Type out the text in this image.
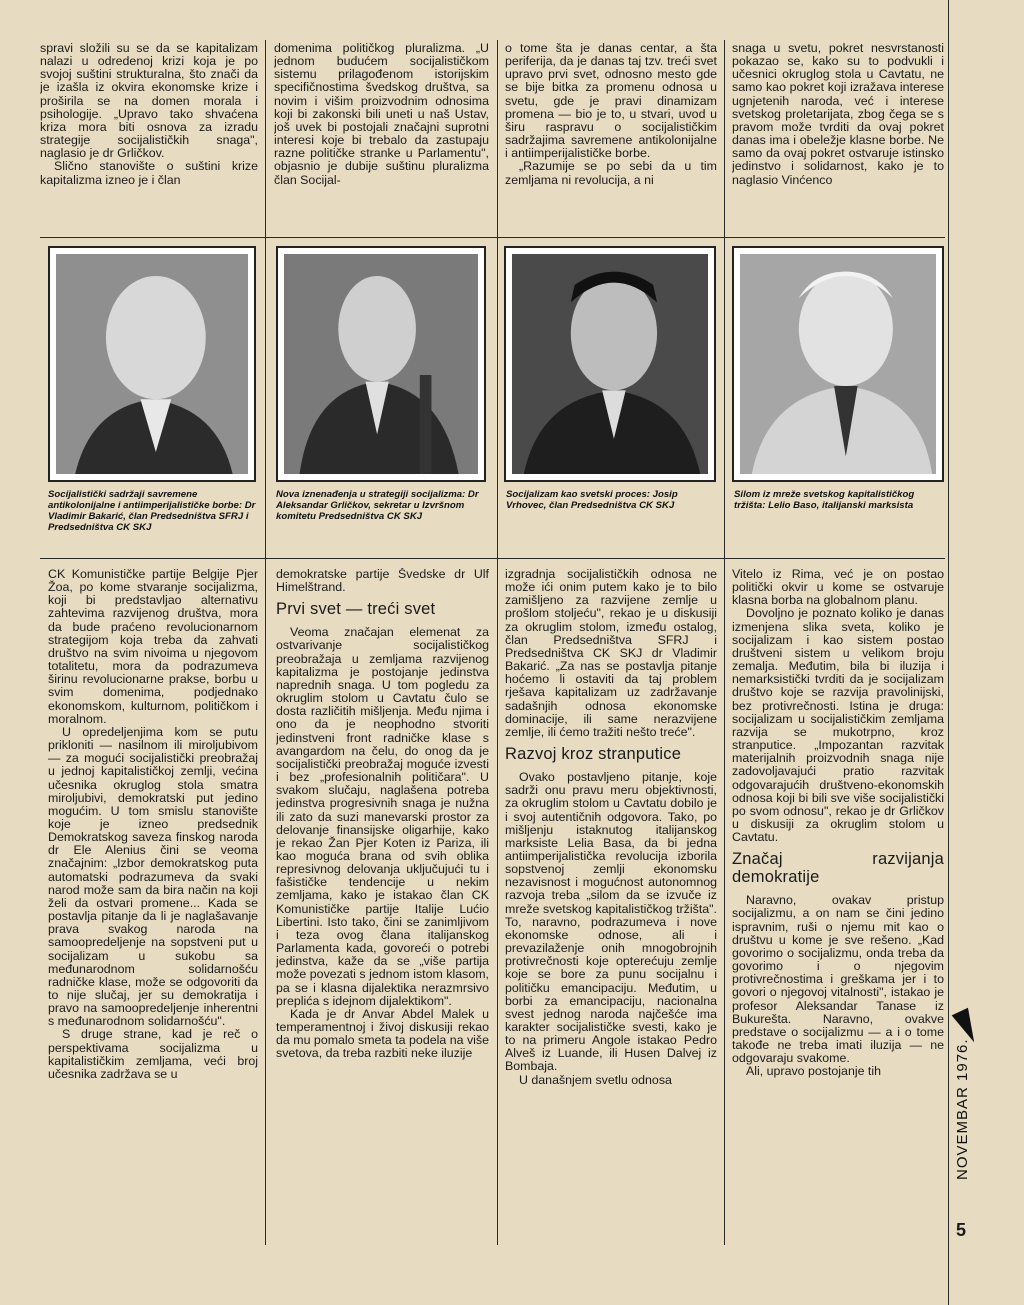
spravi složili su se da se kapitalizam nalazi u odredenoj krizi koja je po svojoj suštini strukturalna, što znači da je izašla iz okvira ekonomske krize i proširila se na domen morala i psihologije. „Upravo tako shvaćena kriza mora biti osnova za izradu strategije socijalističkih snaga", naglasio je dr Grličkov.

Slično stanovište o suštini krize kapitalizma izneo je i član

domenima političkog pluralizma. „U jednom budućem socijalističkom sistemu prilagođenom istorijskim specifičnostima švedskog društva, sa novim i višim proizvodnim odnosima koji bi zakonski bili uneti u naš Ustav, još uvek bi postojali značajni suprotni interesi koje bi trebalo da zastupaju razne političke stranke u Parlamentu", objasnio je dubije suštinu pluralizma član Socijal-

o tome šta je danas centar, a šta periferija, da je danas taj tzv. treći svet upravo prvi svet, odnosno mesto gde se bije bitka za promenu odnosa u svetu, gde je pravi dinamizam promena — bio je to, u stvari, uvod u širu raspravu o socijalističkim sadržajima savremene antikolonijalne i antiimperijalističke borbe.

„Razumije se po sebi da u tim zemljama ni revolucija, a ni

snaga u svetu, pokret nesvrstanosti pokazao se, kako su to podvukli i učesnici okruglog stola u Cavtatu, ne samo kao pokret koji izražava interese ugnjetenih naroda, već i interese svetskog proletarijata, zbog čega se s pravom može tvrditi da ovaj pokret danas ima i obeležje klasne borbe. Ne samo da ovaj pokret ostvaruje istinsko jedinstvo i solidarnost, kako je to naglasio Vinćenco

Socijalistički sadržaji savremene antikolonijalne i antiimperijalističke borbe: Dr Vladimir Bakarić, član Predsedništva SFRJ i Predsedništva CK SKJ
Nova iznenađenja u strategiji socijalizma: Dr Aleksandar Grličkov, sekretar u Izvršnom komitetu Predsedništva CK SKJ
Socijalizam kao svetski proces: Josip Vrhovec, član Predsedništva CK SKJ
Silom iz mreže svetskog kapitalističkog tržišta: Lelio Baso, italijanski marksista

CK Komunističke partije Belgije Pjer Žoa, po kome stvaranje socijalizma, koji bi predstavljao alternativu zahtevima razvijenog društva, mora da bude praćeno revolucionarnom strategijom koja treba da zahvati društvo na svim nivoima u njegovom totalitetu, mora da podrazumeva širinu revolucionarne prakse, borbu u svim domenima, podjednako ekonomskom, kulturnom, političkom i moralnom.

U opredeljenjima kom se putu prikloniti — nasilnom ili miroljubivom — za mogući socijalistički preobražaj u jednoj kapitalističkoj zemlji, većina učesnika okruglog stola smatra miroljubivi, demokratski put jedino mogućim. U tom smislu stanovište koje je izneo predsednik Demokratskog saveza finskog naroda dr Ele Alenius čini se veoma značajnim: „Izbor demokratskog puta automatski podrazumeva da svaki narod može sam da bira način na koji želi da ostvari promene... Kada se postavlja pitanje da li je naglašavanje prava svakog naroda na samoopredeljenje na sopstveni put u socijalizam u sukobu sa međunarodnom solidarnošću radničke klase, može se odgovoriti da to nije slučaj, jer su demokratija i pravo na samoopredeljenje inherentni s međunarodnom solidarnošću".

S druge strane, kad je reč o perspektivama socijalizma u kapitalističkim zemljama, veći broj učesnika zadržava se u

demokratske partije Švedske dr Ulf Himelštrand.

Prvi svet — treći svet

Veoma značajan elemenat za ostvarivanje socijalističkog preobražaja u zemljama razvijenog kapitalizma je postojanje jedinstva naprednih snaga. U tom pogledu za okruglim stolom u Cavtatu čulo se dosta različitih mišljenja. Među njima i ono da je neophodno stvoriti jedinstveni front radničke klase s avangardom na čelu, do onog da je socijalistički preobražaj moguće izvesti i bez „profesionalnih političara". U svakom slučaju, naglašena potreba jedinstva progresivnih snaga je nužna ili zato da suzi manevarski prostor za delovanje finansijske oligarhije, kako je rekao Žan Pjer Koten iz Pariza, ili kao moguća brana od svih oblika represivnog delovanja uključujući tu i fašističke tendencije u nekim zemljama, kako je istakao član CK Komunističke partije Italije Lućio Libertini. Isto tako, čini se zanimljivom i teza ovog člana italijanskog Parlamenta kada, govoreći o potrebi jedinstva, kaže da se „više partija može povezati s jednom istom klasom, pa se i klasna dijalektika nerazmrsivo preplića s idejnom dijalektikom".

Kada je dr Anvar Abdel Malek u temperamentnoj i živoj diskusiji rekao da mu pomalo smeta ta podela na više svetova, da treba razbiti neke iluzije

izgradnja socijalističkih odnosa ne može ići onim putem kako je to bilo zamišljeno za razvijene zemlje u prošlom stoljeću", rekao je u diskusiji za okruglim stolom, između ostalog, član Predsedništva SFRJ i Predsedništva CK SKJ dr Vladimir Bakarić. „Za nas se postavlja pitanje hoćemo li ostaviti da taj problem rješava kapitalizam uz zadržavanje sadašnjih odnosa ekonomske dominacije, ili same nerazvijene zemlje, ili ćemo tražiti nešto treće".

Razvoj kroz stranputice

Ovako postavljeno pitanje, koje sadrži onu pravu meru objektivnosti, za okruglim stolom u Cavtatu dobilo je i svoj autentičnih odgovora. Tako, po mišljenju istaknutog italijanskog marksiste Lelia Basa, da bi jedna antiimperijalistička revolucija izborila sopstvenoj zemlji ekonomsku nezavisnost i mogućnost autonomnog razvoja treba „silom da se izvuče iz mreže svetskog kapitalističkog tržišta". To, naravno, podrazumeva i nove ekonomske odnose, ali i prevazilaženje onih mnogobrojnih protivrečnosti koje opterećuju zemlje koje se bore za punu socijalnu i političku emancipaciju. Međutim, u borbi za emancipaciju, nacionalna svest jednog naroda najčešće ima karakter socijalističke svesti, kako je to na primeru Angole istakao Pedro Alveš iz Luande, ili Husen Dalvej iz Bombaja.

U današnjem svetlu odnosa

Vitelo iz Rima, već je on postao politički okvir u kome se ostvaruje klasna borba na globalnom planu.

Dovoljno je poznato koliko je danas izmenjena slika sveta, koliko je socijalizam i kao sistem postao društveni sistem u velikom broju zemalja. Međutim, bila bi iluzija i nemarksistički tvrditi da je socijalizam društvo koje se razvija pravolinijski, bez protivrečnosti. Istina je druga: socijalizam u socijalističkim zemljama razvija se mukotrpno, kroz stranputice. „Impozantan razvitak materijalnih proizvodnih snaga nije zadovoljavajući pratio razvitak odgovarajućih društveno-ekonomskih odnosa koji bi bili sve više socijalistički po svom odnosu", rekao je dr Grličkov u diskusiji za okruglim stolom u Cavtatu.

Značaj razvijanja demokratije

Naravno, ovakav pristup socijalizmu, a on nam se čini jedino ispravnim, ruši o njemu mit kao o društvu u kome je sve rešeno. „Kad govorimo o socijalizmu, onda treba da govorimo i o njegovim protivrečnostima i greškama jer i to govori o njegovoj vitalnosti", istakao je profesor Aleksandar Tanase iz Bukurešta. Naravno, ovakve predstave o socijalizmu — a i o tome takođe ne treba imati iluzija — ne odgovaraju svakome.

Ali, upravo postojanje tih	NOVEMBAR 1976.
5
